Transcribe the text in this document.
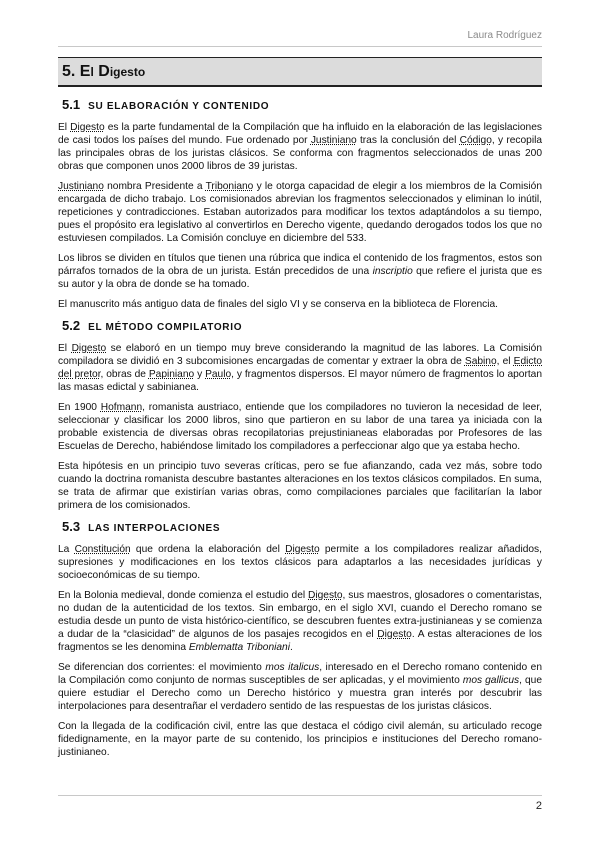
Laura Rodríguez
5. El Digesto
5.1 SU ELABORACIÓN Y CONTENIDO

El Digesto es la parte fundamental de la Compilación que ha influido en la elaboración de las legislaciones de casi todos los países del mundo. Fue ordenado por Justiniano tras la conclusión del Código, y recopila las principales obras de los juristas clásicos. Se conforma con fragmentos seleccionados de unas 200 obras que componen unos 2000 libros de 39 juristas.

Justiniano nombra Presidente a Triboniano y le otorga capacidad de elegir a los miembros de la Comisión encargada de dicho trabajo. Los comisionados abrevian los fragmentos seleccionados y eliminan lo inútil, repeticiones y contradicciones. Estaban autorizados para modificar los textos adaptándolos a su tiempo, pues el propósito era legislativo al convertirlos en Derecho vigente, quedando derogados todos los que no estuviesen compilados. La Comisión concluye en diciembre del 533.

Los libros se dividen en títulos que tienen una rúbrica que indica el contenido de los fragmentos, estos son párrafos tornados de la obra de un jurista. Están precedidos de una inscriptio que refiere el jurista que es su autor y la obra de donde se ha tomado.

El manuscrito más antiguo data de finales del siglo VI y se conserva en la biblioteca de Florencia.

5.2 EL MÉTODO COMPILATORIO

El Digesto se elaboró en un tiempo muy breve considerando la magnitud de las labores. La Comisión compiladora se dividió en 3 subcomisiones encargadas de comentar y extraer la obra de Sabino, el Edicto del pretor, obras de Papiniano y Paulo, y fragmentos dispersos. El mayor número de fragmentos lo aportan las masas edictal y sabinianea.

En 1900 Hofmann, romanista austriaco, entiende que los compiladores no tuvieron la necesidad de leer, seleccionar y clasificar los 2000 libros, sino que partieron en su labor de una tarea ya iniciada con la probable existencia de diversas obras recopilatorias prejustinianeas elaboradas por Profesores de las Escuelas de Derecho, habiéndose limitado los compiladores a perfeccionar algo que ya estaba hecho.

Esta hipótesis en un principio tuvo severas críticas, pero se fue afianzando, cada vez más, sobre todo cuando la doctrina romanista descubre bastantes alteraciones en los textos clásicos compilados. En suma, se trata de afirmar que existirían varias obras, como compilaciones parciales que facilitarían la labor primera de los comisionados.

5.3 LAS INTERPOLACIONES

La Constitución que ordena la elaboración del Digesto permite a los compiladores realizar añadidos, supresiones y modificaciones en los textos clásicos para adaptarlos a las necesidades jurídicas y socioeconómicas de su tiempo.

En la Bolonia medieval, donde comienza el estudio del Digesto, sus maestros, glosadores o comentaristas, no dudan de la autenticidad de los textos. Sin embargo, en el siglo XVI, cuando el Derecho romano se estudia desde un punto de vista histórico-científico, se descubren fuentes extra-justinianeas y se comienza a dudar de la “clasicidad” de algunos de los pasajes recogidos en el Digesto. A estas alteraciones de los fragmentos se les denomina Emblematta Triboniani.

Se diferencian dos corrientes: el movimiento mos italicus, interesado en el Derecho romano contenido en la Compilación como conjunto de normas susceptibles de ser aplicadas, y el movimiento mos gallicus, que quiere estudiar el Derecho como un Derecho histórico y muestra gran interés por descubrir las interpolaciones para desentrañar el verdadero sentido de las respuestas de los juristas clásicos.

Con la llegada de la codificación civil, entre las que destaca el código civil alemán, su articulado recoge fidedignamente, en la mayor parte de su contenido, los principios e instituciones del Derecho romano-justinianeo.

2
